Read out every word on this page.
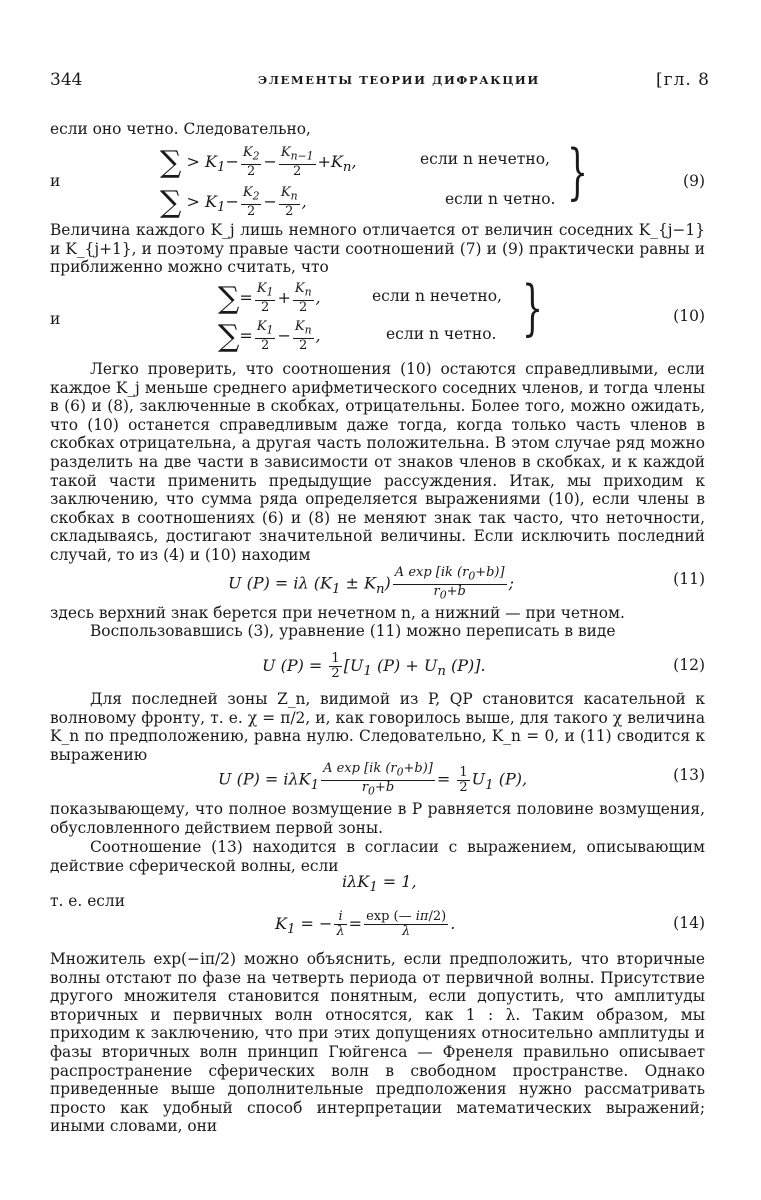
344	ЭЛЕМЕНТЫ ТЕОРИИ ДИФРАКЦИИ	[гл. 8
если оно четно. Следовательно,
∑ > $K_1- \frac{K_2}{2} - \frac{K_{n-1}}{2} +K_n$,	если n нечетно,
и
∑ > $K_1- \frac{K_2}{2} - \frac{K_n}{2}$ ,	если n четно. }	(9)
Величина каждого K_j лишь немного отличается от величин соседних K_{j−1} и K_{j+1}, и поэтому правые части соотношений (7) и (9) практически равны и приближенно можно считать, что
∑= $\frac{K_1}{2} + \frac{K_n}{2}$ ,	если n нечетно,
и	∑= $\frac{K_1}{2} - \frac{K_n}{2}$ ,	если n четно. }	(10)
Легко проверить, что соотношения (10) остаются справедливыми, если каждое K_j меньше среднего арифметического соседних членов, и тогда члены в (6) и (8), заключенные в скобках, отрицательны. Более того, можно ожидать, что (10) останется справедливым даже тогда, когда только часть членов в скобках отрицательна, а другая часть положительна. В этом случае ряд можно разделить на две части в зависимости от знаков членов в скобках, и к каждой такой части применить предыдущие рассуждения. Итак, мы приходим к заключению, что сумма ряда определяется выражениями (10), если члены в скобках в соотношениях (6) и (8) не меняют знак так часто, что неточности, складываясь, достигают значительной величины. Если исключить последний случай, то из (4) и (10) находим
U (P) = iλ $(K_1 \pm K_n) \frac{A \exp [ik (r_0+b)]}{r_0+b}$ ;	(11)
здесь верхний знак берется при нечетном n, а нижний — при четном.
Воспользовавшись (3), уравнение (11) можно переписать в виде
U $(P) = \frac{1}{2} [U_1$ $(P) + U_n$ (P)].	(12)
Для последней зоны Z_n, видимой из P, QP становится касательной к волновому фронту, т. е. χ = π/2, и, как говорилось выше, для такого χ величина K_n по предположению, равна нулю. Следовательно, K_n = 0, и (11) сводится к выражению
U $(P) = i\lambda K_1 \frac{A \exp [ik (r_0+b)]}{r_0+b} = \frac{1}{2} U_1$ (P),	(13)
показывающему, что полное возмущение в P равняется половине возмущения, обусловленного действием первой зоны.
Соотношение (13) находится в согласии с выражением, описывающим действие сферической волны, если
iλK$_1$ = 1,
т. е. если
$K_1$ = − $\frac{i}{\lambda} = \frac{\exp (— i\pi/2)}{\lambda}$ .	(14)
Множитель exp(−iπ/2) можно объяснить, если предположить, что вторичные волны отстают по фазе на четверть периода от первичной волны. Присутствие другого множителя становится понятным, если допустить, что амплитуды вторичных и первичных волн относятся, как 1 : λ. Таким образом, мы приходим к заключению, что при этих допущениях относительно амплитуды и фазы вторичных волн принцип Гюйгенса — Френеля правильно описывает распространение сферических волн в свободном пространстве. Однако приведенные выше дополнительные предположения нужно рассматривать просто как удобный способ интерпретации математических выражений; иными словами, они
